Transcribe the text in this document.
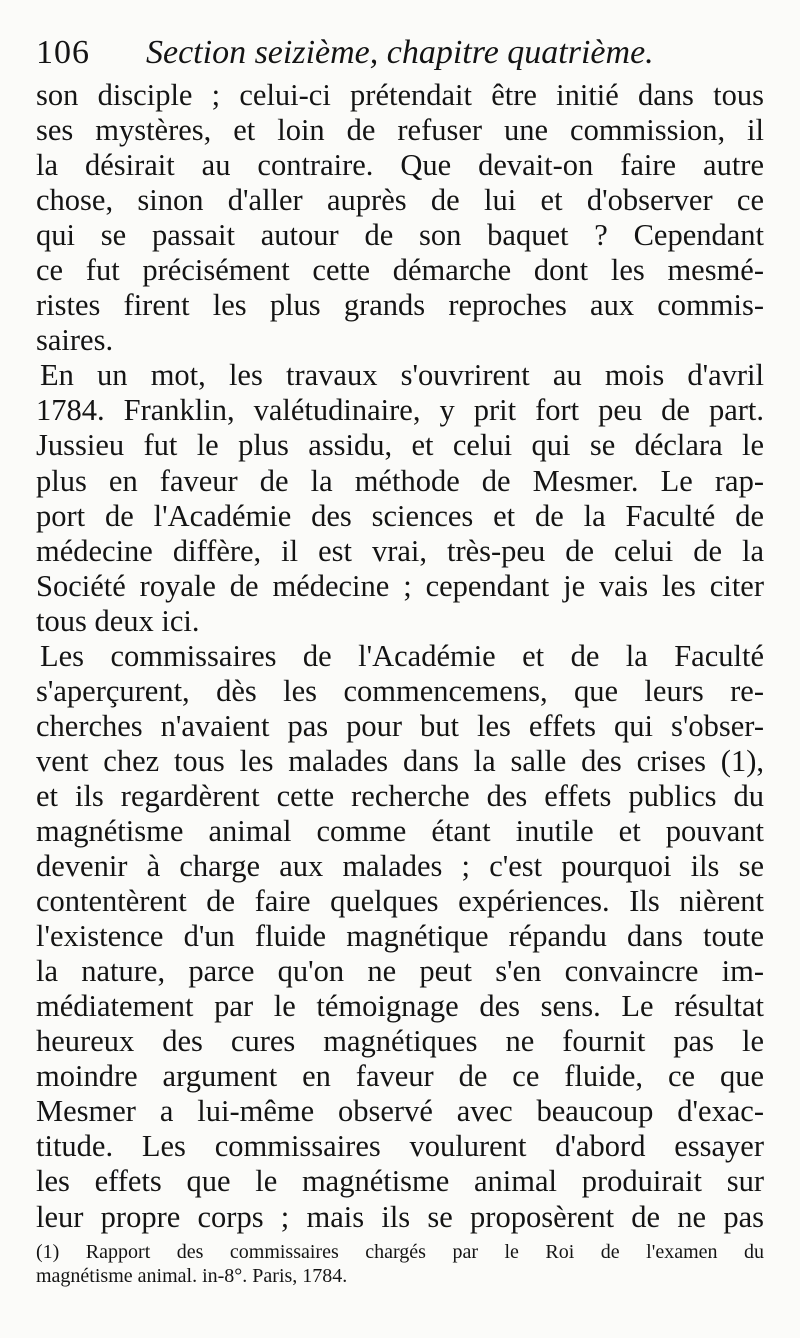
106 Section seizième, chapitre quatrième.
son disciple ; celui-ci prétendait être initié dans tous
ses mystères, et loin de refuser une commission, il
la désirait au contraire. Que devait-on faire autre
chose, sinon d'aller auprès de lui et d'observer ce
qui se passait autour de son baquet ? Cependant
ce fut précisément cette démarche dont les mesmé-
ristes firent les plus grands reproches aux commis-
saires.
En un mot, les travaux s'ouvrirent au mois d'avril
1784. Franklin, valétudinaire, y prit fort peu de part.
Jussieu fut le plus assidu, et celui qui se déclara le
plus en faveur de la méthode de Mesmer. Le rap-
port de l'Académie des sciences et de la Faculté de
médecine diffère, il est vrai, très-peu de celui de la
Société royale de médecine ; cependant je vais les citer
tous deux ici.
Les commissaires de l'Académie et de la Faculté
s'aperçurent, dès les commencemens, que leurs re-
cherches n'avaient pas pour but les effets qui s'obser-
vent chez tous les malades dans la salle des crises (1),
et ils regardèrent cette recherche des effets publics du
magnétisme animal comme étant inutile et pouvant
devenir à charge aux malades ; c'est pourquoi ils se
contentèrent de faire quelques expériences. Ils nièrent
l'existence d'un fluide magnétique répandu dans toute
la nature, parce qu'on ne peut s'en convaincre im-
médiatement par le témoignage des sens. Le résultat
heureux des cures magnétiques ne fournit pas le
moindre argument en faveur de ce fluide, ce que
Mesmer a lui-même observé avec beaucoup d'exac-
titude. Les commissaires voulurent d'abord essayer
les effets que le magnétisme animal produirait sur
leur propre corps ; mais ils se proposèrent de ne pas
(1) Rapport des commissaires chargés par le Roi de l'examen du
magnétisme animal. in-8°. Paris, 1784.
